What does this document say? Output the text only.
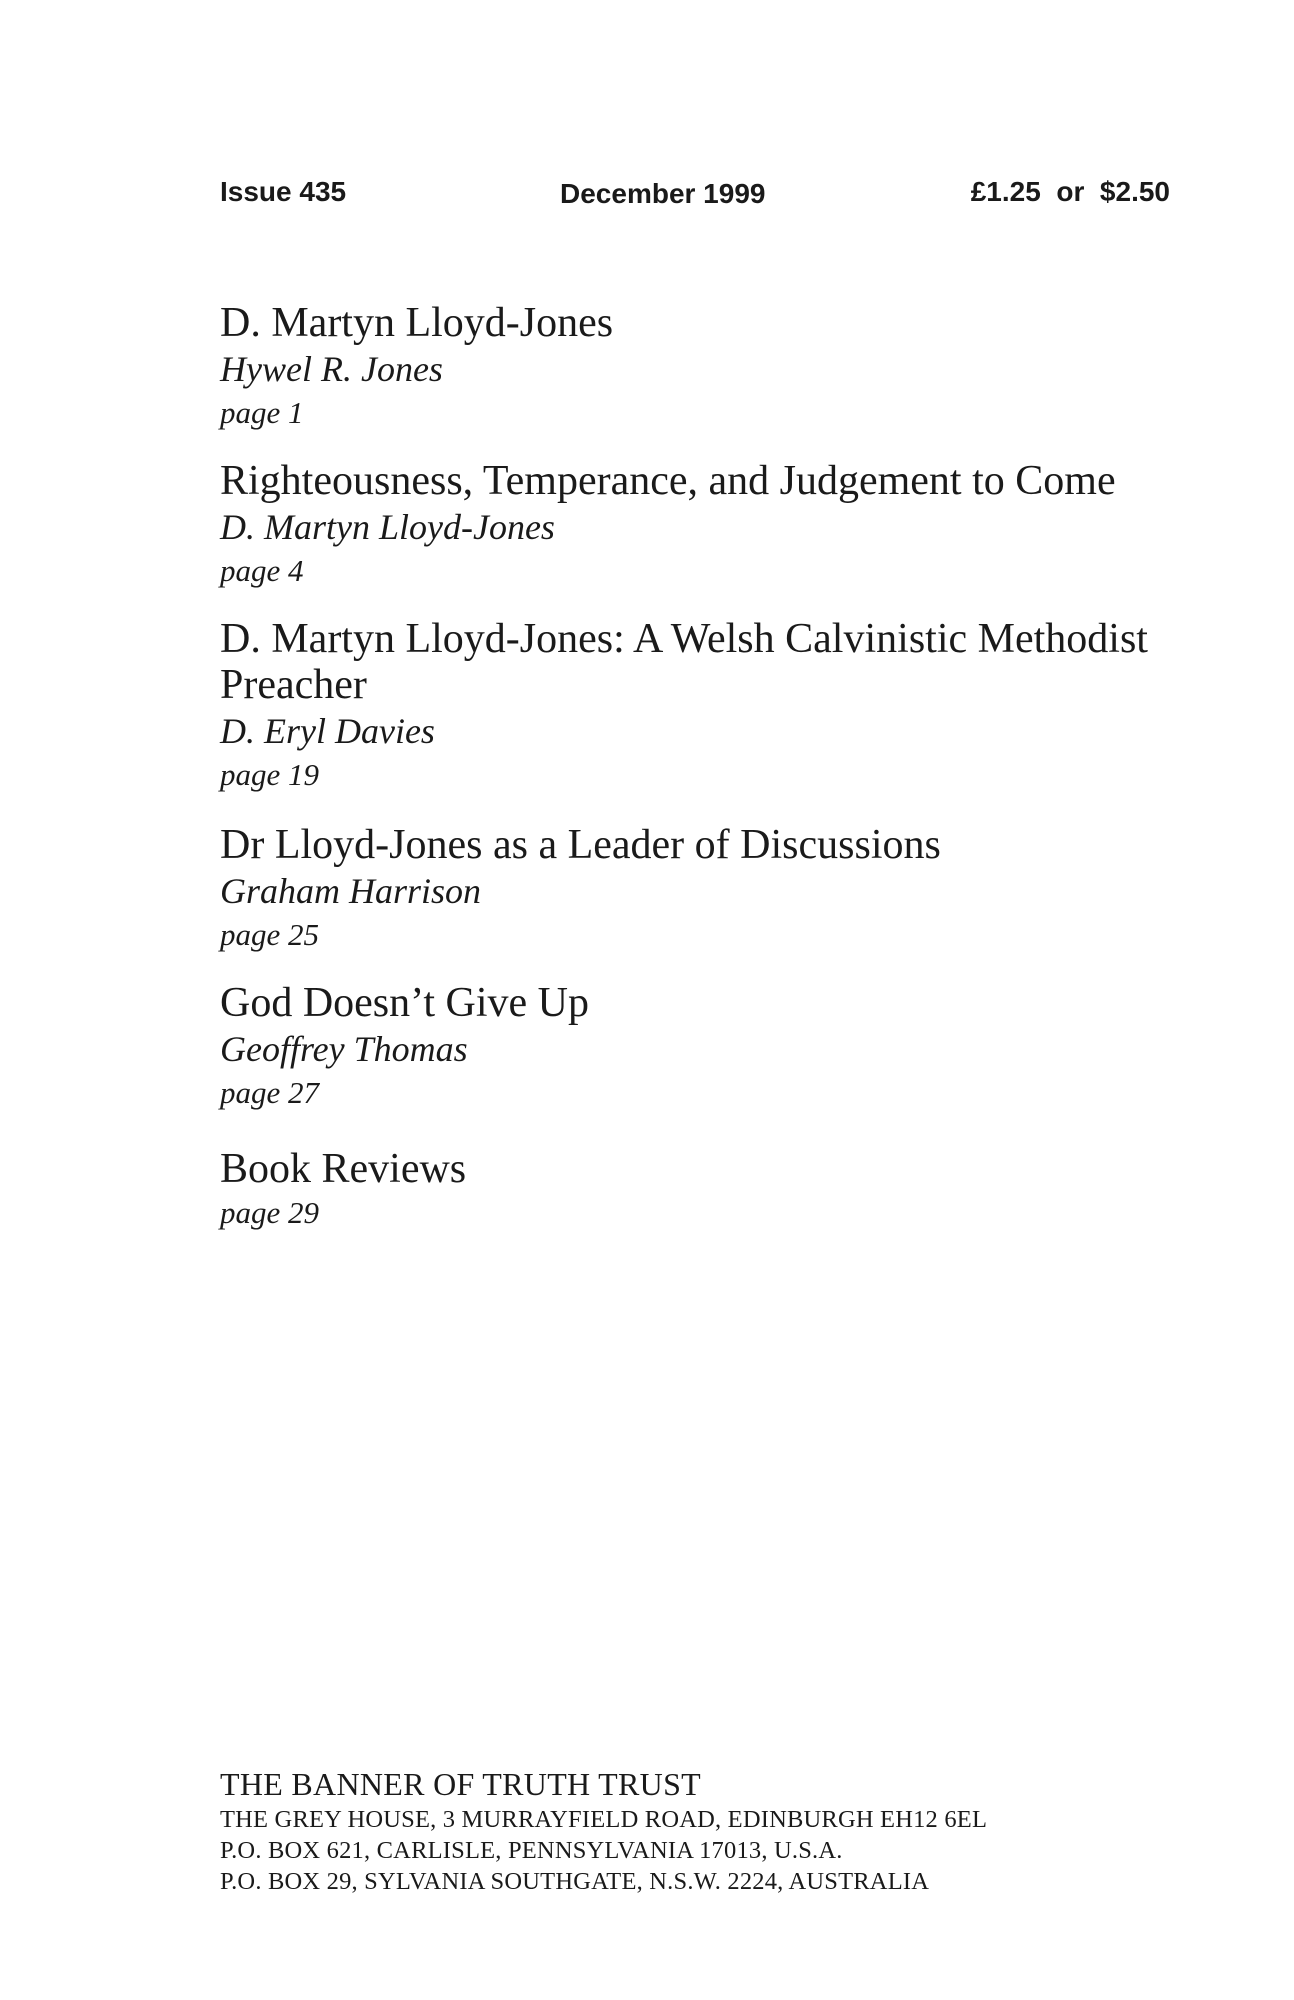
Issue 435	December 1999	£1.25  or  $2.50
D. Martyn Lloyd-Jones
Hywel R. Jones
page 1
Righteousness, Temperance, and Judgement to Come
D. Martyn Lloyd-Jones
page 4
D. Martyn Lloyd-Jones: A Welsh Calvinistic Methodist Preacher
D. Eryl Davies
page 19
Dr Lloyd-Jones as a Leader of Discussions
Graham Harrison
page 25
God Doesn’t Give Up
Geoffrey Thomas
page 27
Book Reviews
page 29
THE BANNER OF TRUTH TRUST
THE GREY HOUSE, 3 MURRAYFIELD ROAD, EDINBURGH EH12 6EL
P.O. BOX 621, CARLISLE, PENNSYLVANIA 17013, U.S.A.
P.O. BOX 29, SYLVANIA SOUTHGATE, N.S.W. 2224, AUSTRALIA
